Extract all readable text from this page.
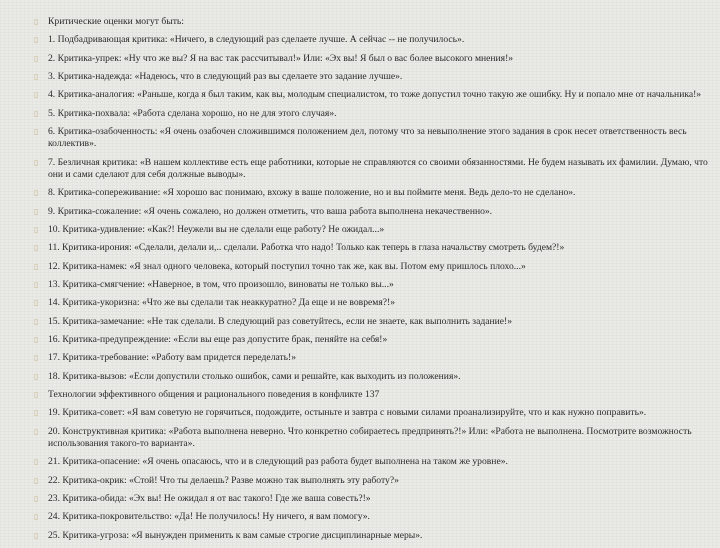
▯ Критические оценки могут быть:
▯ 1. Подбадривающая критика: «Ничего, в следующий раз сделаете лучше. А сейчас -- не получилось».
▯ 2. Критика-упрек: «Ну что же вы? Я на вас так рассчитывал!» Или: «Эх вы! Я был о вас более высокого мнения!»
▯ 3. Критика-надежда: «Надеюсь, что в следующий раз вы сделаете это задание лучше».
▯ 4. Критика-аналогия: «Раньше, когда я был таким, как вы, молодым специалистом, то тоже допустил точно такую же ошибку. Ну и попало мне от начальника!»
▯ 5. Критика-похвала: «Работа сделана хорошо, но не для этого случая».
▯ 6. Критика-озабоченность: «Я очень озабочен сложившимся положением дел, потому что за невыполнение этого задания в срок несет ответственность весь коллектив».
▯ 7. Безличная критика: «В нашем коллективе есть еще работники, которые не справляются со своими обязанностями. Не будем называть их фамилии. Думаю, что они и сами сделают для себя должные выводы».
▯ 8. Критика-сопереживание: «Я хорошо вас понимаю, вхожу в ваше положение, но и вы поймите меня. Ведь дело-то не сделано».
▯ 9. Критика-сожаление: «Я очень сожалею, но должен отметить, что ваша работа выполнена некачественно».
▯ 10. Критика-удивление: «Как?! Неужели вы не сделали еще работу? Не ожидал...»
▯ 11. Критика-ирония: «Сделали, делали и,.. сделали. Работка что надо! Только как теперь в глаза начальству смотреть будем?!»
▯ 12. Критика-намек: «Я знал одного человека, который поступил точно так же, как вы. Потом ему пришлось плохо...»
▯ 13. Критика-смягчение: «Наверное, в том, что произошло, виноваты не только вы...»
▯ 14. Критика-укоризна: «Что же вы сделали так неаккуратно? Да еще и не вовремя?!»
▯ 15. Критика-замечание: «Не так сделали. В следующий раз советуйтесь, если не знаете, как выполнить задание!»
▯ 16. Критика-предупреждение: «Если вы еще раз допустите брак, пеняйте на себя!»
▯ 17. Критика-требование: «Работу вам придется переделать!»
▯ 18. Критика-вызов: «Если допустили столько ошибок, сами и решайте, как выходить из положения».
▯ Технологии эффективного общения и рационального поведения в конфликте 137
▯ 19. Критика-совет: «Я вам советую не горячиться, подождите, остыньте и завтра с новыми силами проанализируйте, что и как нужно поправить».
▯ 20. Конструктивная критика: «Работа выполнена неверно. Что конкретно собираетесь предпринять?!» Или: «Работа не выполнена. Посмотрите возможность использования такого-то варианта».
▯ 21. Критика-опасение: «Я очень опасаюсь, что и в следующий раз работа будет выполнена на таком же уровне».
▯ 22. Критика-окрик: «Стой! Что ты делаешь? Разве можно так выполнять эту работу?»
▯ 23. Критика-обида: «Эх вы! Не ожидал я от вас такого! Где же ваша совесть?!»
▯ 24. Критика-покровительство: «Да! Не получилось! Ну ничего, я вам помогу».
▯ 25. Критика-угроза: «Я вынужден применить к вам самые строгие дисциплинарные меры».
